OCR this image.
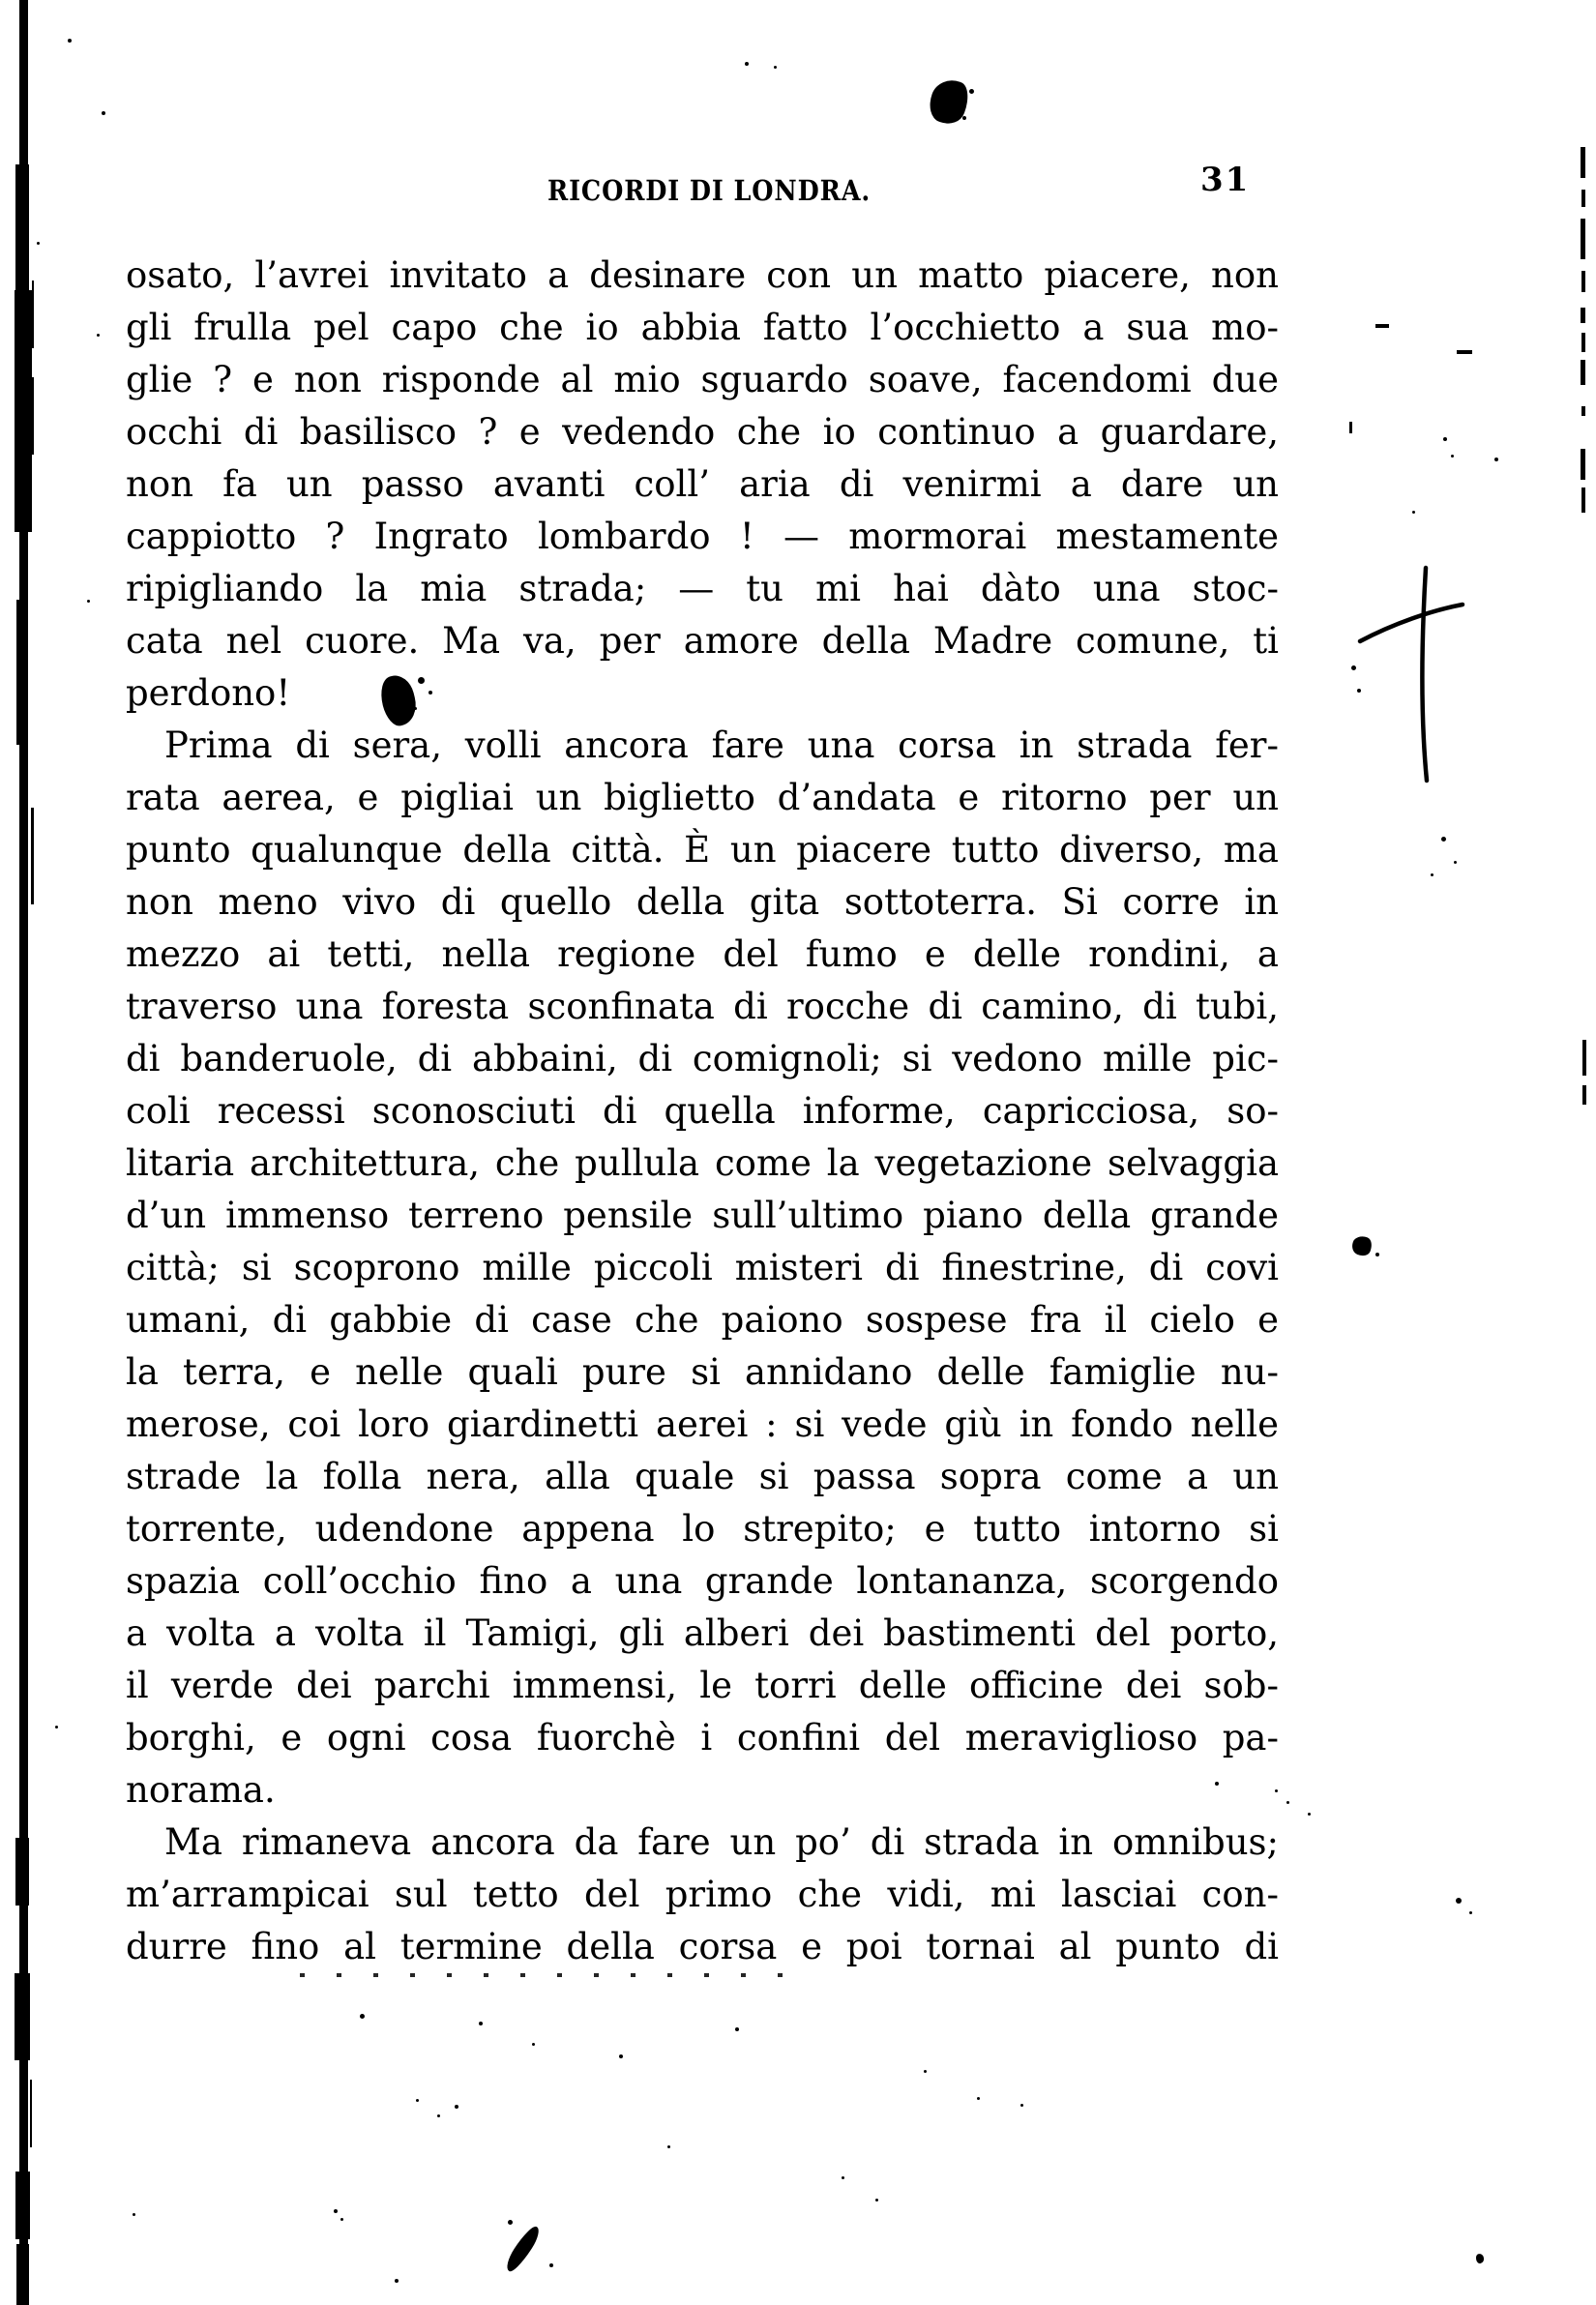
RICORDI DI LONDRA.	31
osato, l’avrei invitato a desinare con un matto piacere, non
gli frulla pel capo che io abbia fatto l’occhietto a sua mo-
glie ? e non risponde al mio sguardo soave, facendomi due
occhi di basilisco ? e vedendo che io continuo a guardare,
non fa un passo avanti coll’ aria di venirmi a dare un
cappiotto ? Ingrato lombardo ! — mormorai mestamente
ripigliando la mia strada; — tu mi hai dàto una stoc-
cata nel cuore. Ma va, per amore della Madre comune, ti
perdono!
Prima di sera, volli ancora fare una corsa in strada fer-
rata aerea, e pigliai un biglietto d’andata e ritorno per un
punto qualunque della città. È un piacere tutto diverso, ma
non meno vivo di quello della gita sottoterra. Si corre in
mezzo ai tetti, nella regione del fumo e delle rondini, a
traverso una foresta sconfinata di rocche di camino, di tubi,
di banderuole, di abbaini, di comignoli; si vedono mille pic-
coli recessi sconosciuti di quella informe, capricciosa, so-
litaria architettura, che pullula come la vegetazione selvaggia
d’un immenso terreno pensile sull’ultimo piano della grande
città; si scoprono mille piccoli misteri di finestrine, di covi
umani, di gabbie di case che paiono sospese fra il cielo e
la terra, e nelle quali pure si annidano delle famiglie nu-
merose, coi loro giardinetti aerei : si vede giù in fondo nelle
strade la folla nera, alla quale si passa sopra come a un
torrente, udendone appena lo strepito; e tutto intorno si
spazia coll’occhio fino a una grande lontananza, scorgendo
a volta a volta il Tamigi, gli alberi dei bastimenti del porto,
il verde dei parchi immensi, le torri delle officine dei sob-
borghi, e ogni cosa fuorchè i confini del meraviglioso pa-
norama.
Ma rimaneva ancora da fare un po’ di strada in omnibus;
m’arrampicai sul tetto del primo che vidi, mi lasciai con-
durre fino al termine della corsa e poi tornai al punto di
